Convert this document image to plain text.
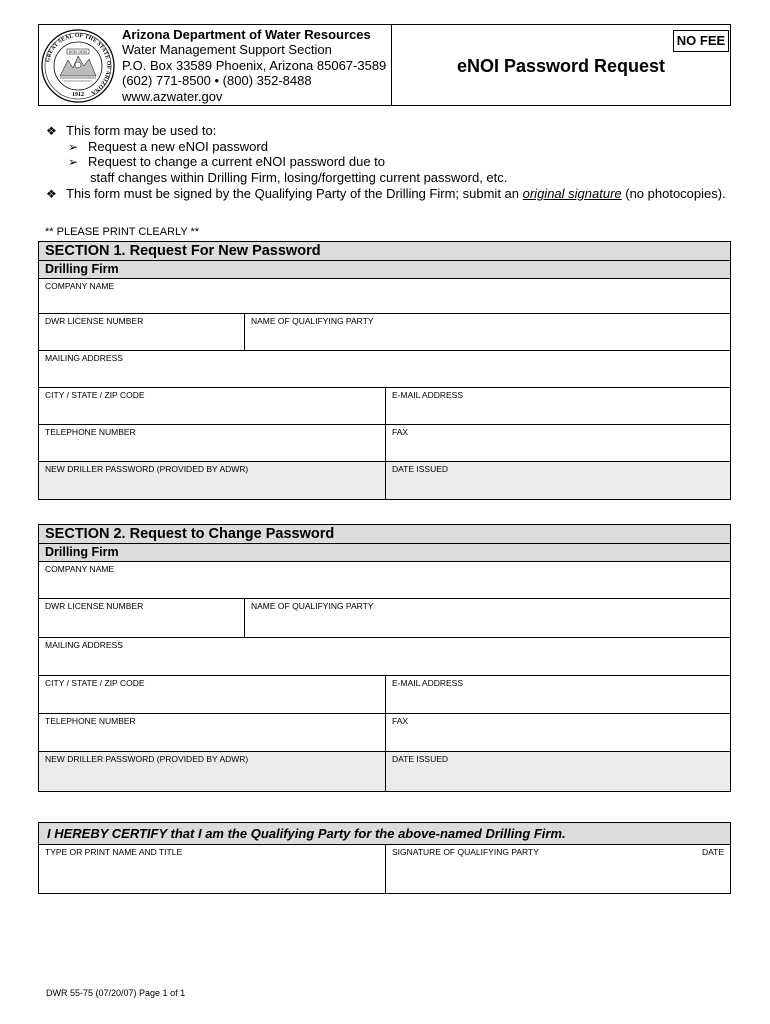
GREAT SEAL OF THE STATE OF ARIZONA
DITAT DEUS
1912
Arizona Department of Water Resources
Water Management Support Section
P.O. Box 33589 Phoenix, Arizona 85067-3589
(602) 771-8500 • (800) 352-8488
www.azwater.gov
NO FEE
eNOI Password Request
❖ This form may be used to:
➢ Request a new eNOI password
➢ Request to change a current eNOI password due to
staff changes within Drilling Firm, losing/forgetting current password, etc.
❖ This form must be signed by the Qualifying Party of the Drilling Firm; submit an original signature (no photocopies).
** PLEASE PRINT CLEARLY **
SECTION 1. Request For New Password
Drilling Firm
COMPANY NAME
DWR LICENSE NUMBER	NAME OF QUALIFYING PARTY
MAILING ADDRESS
CITY / STATE / ZIP CODE	E-MAIL ADDRESS
TELEPHONE NUMBER	FAX
NEW DRILLER PASSWORD (PROVIDED BY ADWR)	DATE ISSUED
SECTION 2. Request to Change Password
Drilling Firm
COMPANY NAME
DWR LICENSE NUMBER	NAME OF QUALIFYING PARTY
MAILING ADDRESS
CITY / STATE / ZIP CODE	E-MAIL ADDRESS
TELEPHONE NUMBER	FAX
NEW DRILLER PASSWORD (PROVIDED BY ADWR)	DATE ISSUED
I HEREBY CERTIFY that I am the Qualifying Party for the above-named Drilling Firm.
TYPE OR PRINT NAME AND TITLE	SIGNATURE OF QUALIFYING PARTY	DATE
DWR 55-75 (07/20/07) Page 1 of 1
